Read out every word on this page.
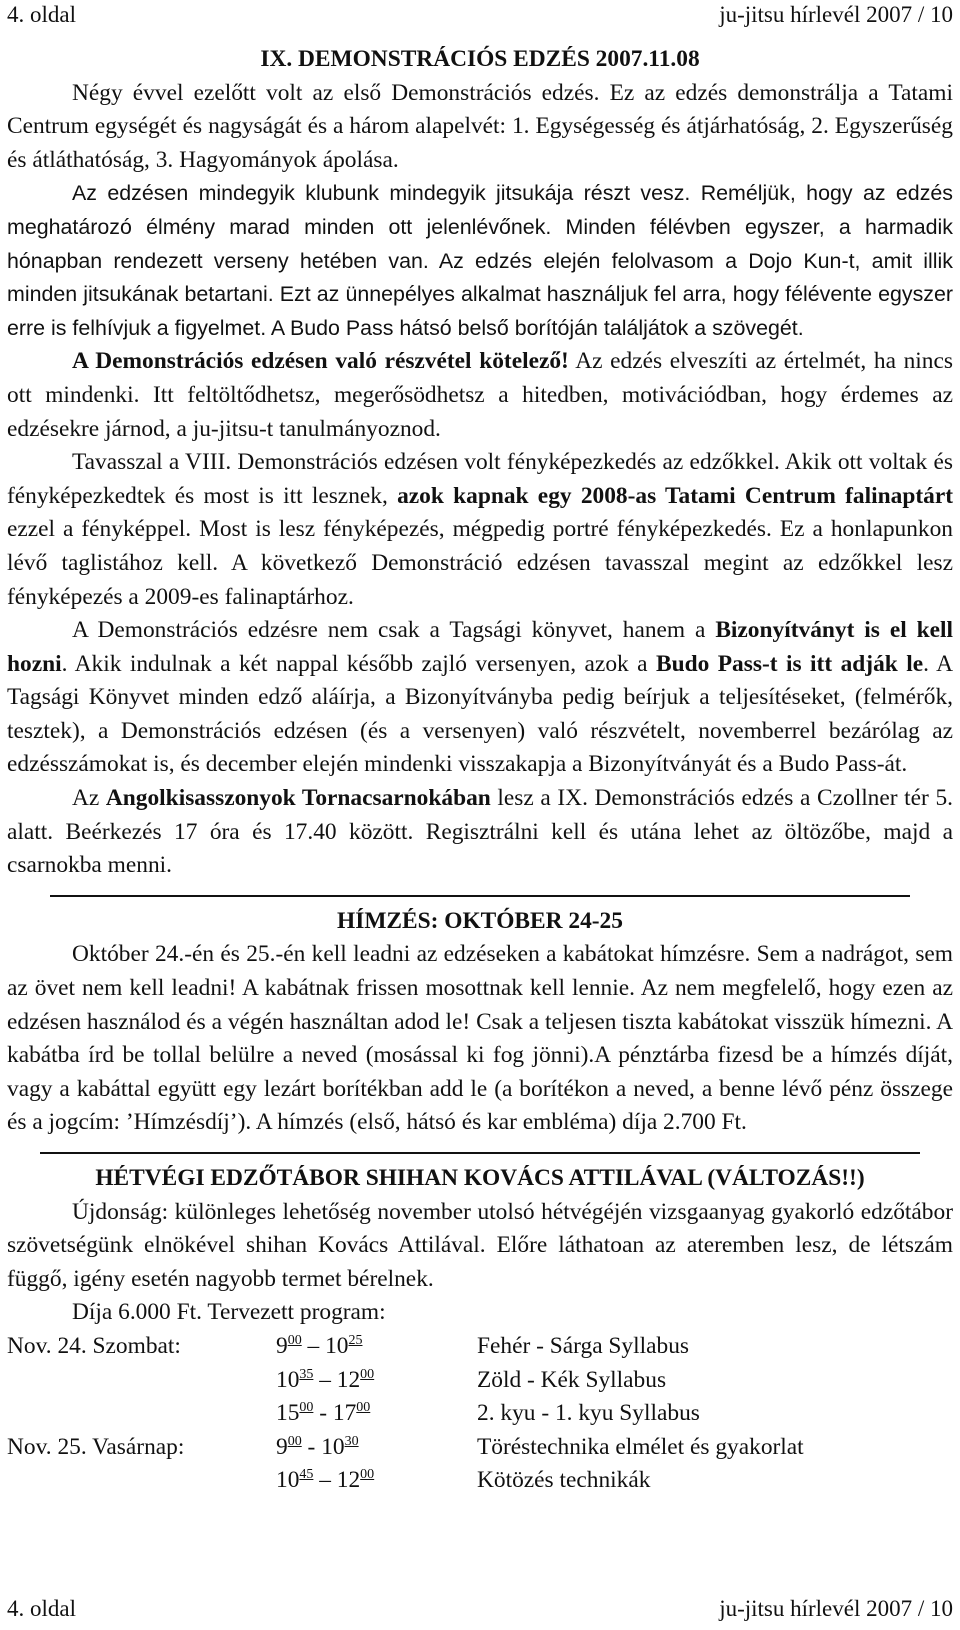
4. oldal	ju-jitsu hírlevél 2007 / 10
IX. DEMONSTRÁCIÓS EDZÉS 2007.11.08

Négy évvel ezelőtt volt az első Demonstrációs edzés. Ez az edzés demonstrálja a Tatami Centrum egységét és nagyságát és a három alapelvét: 1. Egységesség és átjárhatóság, 2. Egyszerűség és átláthatóság, 3. Hagyományok ápolása.

Az edzésen mindegyik klubunk mindegyik jitsukája részt vesz. Reméljük, hogy az edzés meghatározó élmény marad minden ott jelenlévőnek. Minden félévben egyszer, a harmadik hónapban rendezett verseny hetében van. Az edzés elején felolvasom a Dojo Kun-t, amit illik minden jitsukának betartani. Ezt az ünnepélyes alkalmat használjuk fel arra, hogy félévente egyszer erre is felhívjuk a figyelmet. A Budo Pass hátsó belső borítóján találjátok a szövegét.

A Demonstrációs edzésen való részvétel kötelező! Az edzés elveszíti az értelmét, ha nincs ott mindenki. Itt feltöltődhetsz, megerősödhetsz a hitedben, motivációdban, hogy érdemes az edzésekre járnod, a ju-jitsu-t tanulmányoznod.

Tavasszal a VIII. Demonstrációs edzésen volt fényképezkedés az edzőkkel. Akik ott voltak és fényképezkedtek és most is itt lesznek, azok kapnak egy 2008-as Tatami Centrum falinaptárt ezzel a fényképpel. Most is lesz fényképezés, mégpedig portré fényképezkedés. Ez a honlapunkon lévő taglistához kell. A következő Demonstráció edzésen tavasszal megint az edzőkkel lesz fényképezés a 2009-es falinaptárhoz.

A Demonstrációs edzésre nem csak a Tagsági könyvet, hanem a Bizonyítványt is el kell hozni. Akik indulnak a két nappal később zajló versenyen, azok a Budo Pass-t is itt adják le. A Tagsági Könyvet minden edző aláírja, a Bizonyítványba pedig beírjuk a teljesítéseket, (felmérők, tesztek), a Demonstrációs edzésen (és a versenyen) való részvételt, novemberrel bezárólag az edzésszámokat is, és december elején mindenki visszakapja a Bizonyítványát és a Budo Pass-át.

Az Angolkisasszonyok Tornacsarnokában lesz a IX. Demonstrációs edzés a Czollner tér 5. alatt. Beérkezés 17 óra és 17.40 között. Regisztrálni kell és utána lehet az öltözőbe, majd a csarnokba menni.

HÍMZÉS: OKTÓBER 24-25

Október 24.-én és 25.-én kell leadni az edzéseken a kabátokat hímzésre. Sem a nadrágot, sem az övet nem kell leadni! A kabátnak frissen mosottnak kell lennie. Az nem megfelelő, hogy ezen az edzésen használod és a végén használtan adod le! Csak a teljesen tiszta kabátokat visszük hímezni. A kabátba írd be tollal belülre a neved (mosással ki fog jönni).A pénztárba fizesd be a hímzés díját, vagy a kabáttal együtt egy lezárt borítékban add le (a borítékon a neved, a benne lévő pénz összege és a jogcím: ’Hímzésdíj’). A hímzés (első, hátsó és kar embléma) díja 2.700 Ft.

HÉTVÉGI EDZŐTÁBOR SHIHAN KOVÁCS ATTILÁVAL (VÁLTOZÁS!!)

Újdonság: különleges lehetőség november utolsó hétvégéjén vizsgaanyag gyakorló edzőtábor szövetségünk elnökével shihan Kovács Attilával. Előre láthatoan az ateremben lesz, de létszám függő, igény esetén nagyobb termet bérelnek.

Díja 6.000 Ft. Tervezett program:

Nov. 24. Szombat:	$9^{00} - 10^{25}$	Fehér - Sárga Syllabus
$10^{35} - 12^{00}$	Zöld - Kék Syllabus
$15^{00} - 17^{00}$	2. kyu - 1. kyu Syllabus
Nov. 25. Vasárnap:	$9^{00} - 10^{30}$	Töréstechnika elmélet és gyakorlat
$10^{45} - 12^{00}$	Kötözés technikák
4. oldal	ju-jitsu hírlevél 2007 / 10
